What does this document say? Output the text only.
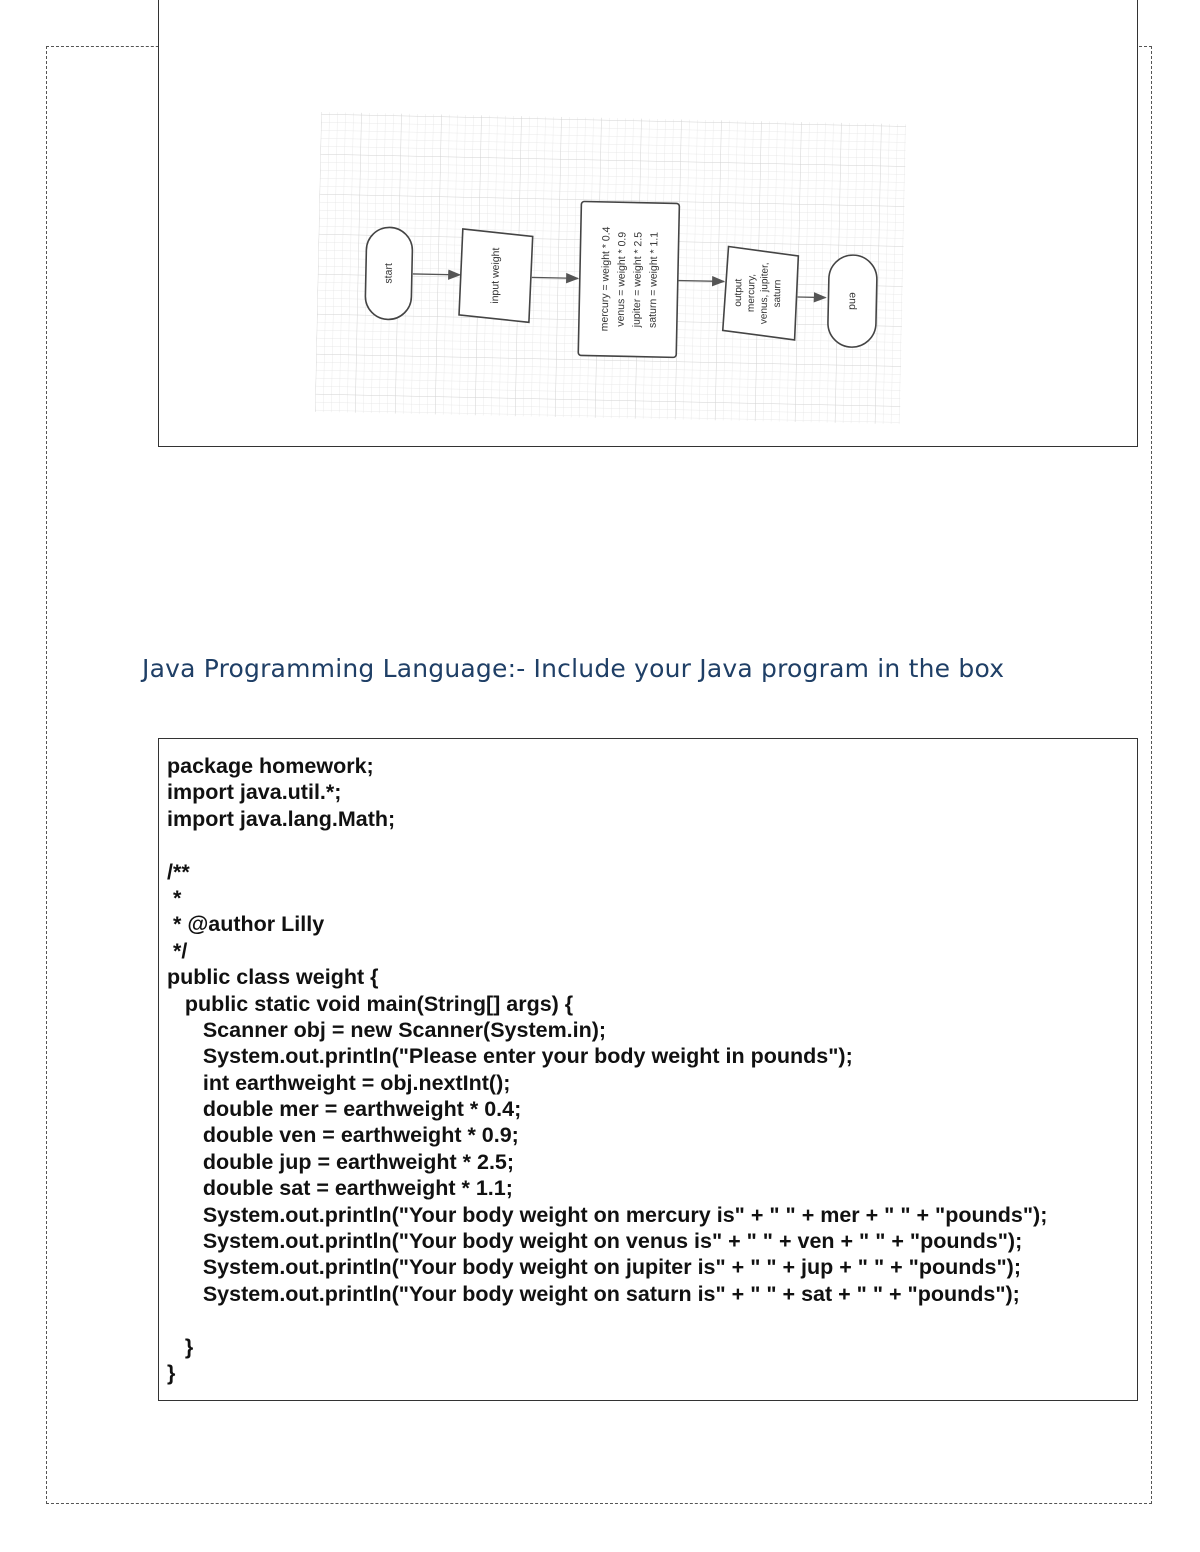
start	input weight	mercury = weight * 0.4 venus = weight * 0.9 jupiter = weight * 2.5 saturn = weight * 1.1	output mercury, venus, jupiter, saturn	end
Java Programming Language:- Include your Java program in the box
package homework;
import java.util.*;
import java.lang.Math;
/**
*
* @author Lilly
*/
public class weight {
public static void main(String[] args) {
Scanner obj = new Scanner(System.in);
System.out.println("Please enter your body weight in pounds");
int earthweight = obj.nextInt();
double mer = earthweight * 0.4;
double ven = earthweight * 0.9;
double jup = earthweight * 2.5;
double sat = earthweight * 1.1;
System.out.println("Your body weight on mercury is" + " " + mer + " " + "pounds");
System.out.println("Your body weight on venus is" + " " + ven + " " + "pounds");
System.out.println("Your body weight on jupiter is" + " " + jup + " " + "pounds");
System.out.println("Your body weight on saturn is" + " " + sat + " " + "pounds");
}
}
